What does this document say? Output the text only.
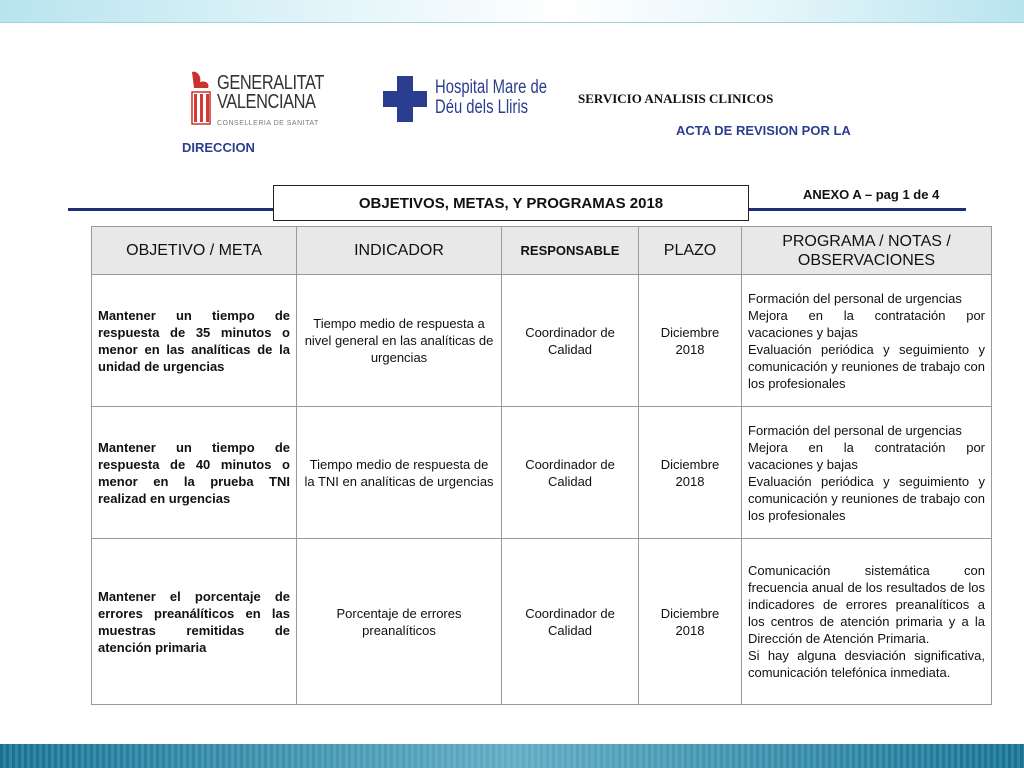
GENERALITAT
VALENCIANA
CONSELLERIA DE SANITAT
Hospital Mare de
Déu dels Lliris	SERVICIO ANALISIS CLINICOS
ACTA DE REVISION POR LA
DIRECCION
OBJETIVOS, METAS, Y PROGRAMAS 2018	ANEXO A – pag 1 de 4
OBJETIVO / META	INDICADOR	RESPONSABLE	PLAZO	PROGRAMA / NOTAS / OBSERVACIONES
Mantener un tiempo de respuesta de 35 minutos o menor en las analíticas de la unidad de urgencias	Tiempo medio de respuesta a nivel general en las analíticas de urgencias	Coordinador de Calidad	Diciembre 2018	Formación del personal de urgencias
Mejora en la contratación por vacaciones y bajas
Evaluación periódica y seguimiento y comunicación y reuniones de trabajo con los profesionales

Mantener un tiempo de respuesta de 40 minutos o menor en la prueba TNI realizad en urgencias	Tiempo medio de respuesta de la TNI en analíticas de urgencias	Coordinador de Calidad	Diciembre 2018	Formación del personal de urgencias
Mejora en la contratación por vacaciones y bajas
Evaluación periódica y seguimiento y comunicación y reuniones de trabajo con los profesionales

Mantener el porcentaje de errores preanálíticos en las muestras remitidas de atención primaria	Porcentaje de errores preanalíticos	Coordinador de Calidad	Diciembre 2018	Comunicación sistemática con frecuencia anual de los resultados de los indicadores de errores preanalíticos a los centros de atención primaria y a la Dirección de Atención Primaria.
Si hay alguna desviación significativa, comunicación telefónica inmediata.
